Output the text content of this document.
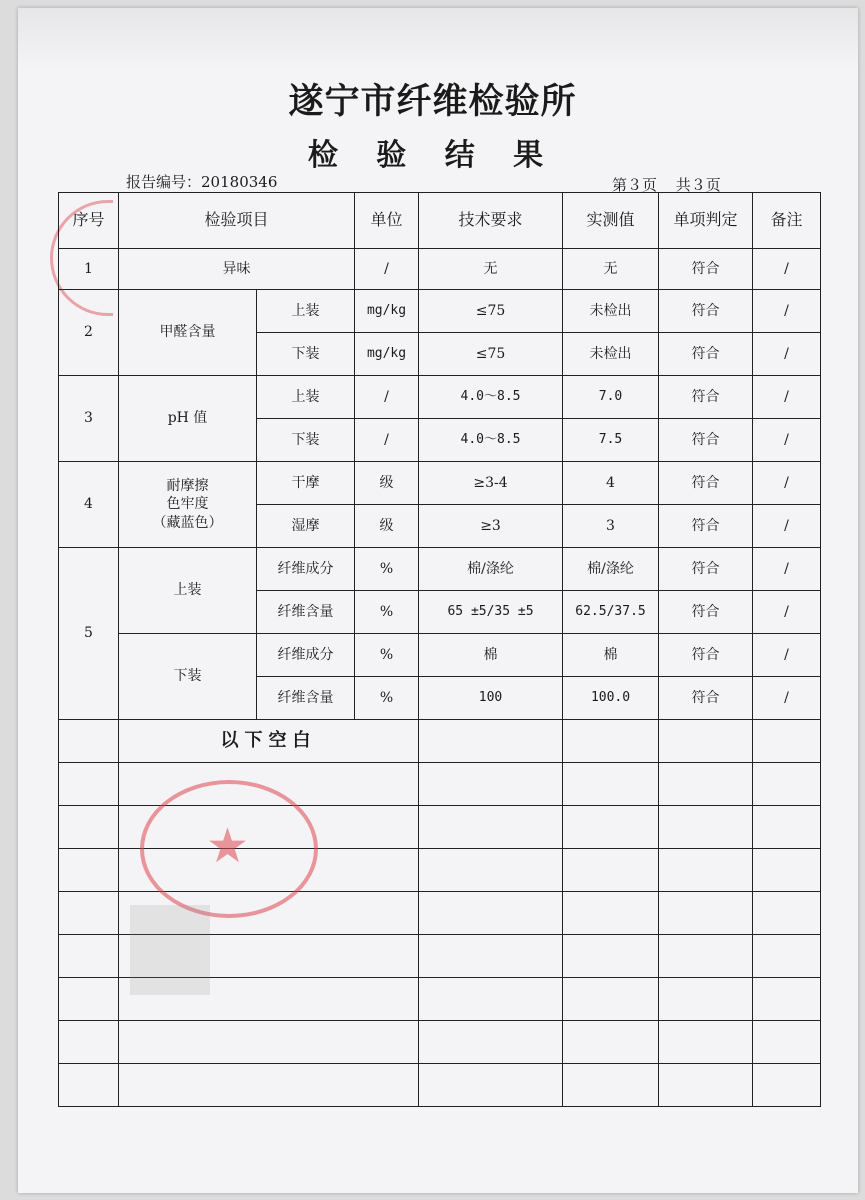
遂宁市纤维检验所
检 验 结 果
报告编号：20180346	第３页 共３页
序号	检验项目		单位	技术要求	实测值	单项判定	备注
1	异味		/	无	无	符合	/
2	甲醛含量	上装	mg/kg	≤75	未检出	符合	/
		下装	mg/kg	≤75	未检出	符合	/
3	pH 值	上装	/	4.0～8.5	7.0	符合	/
		下装	/	4.0～8.5	7.5	符合	/
4	耐摩擦
色牢度
（藏蓝色）	干摩	级	≥3-4	4	符合	/
		湿摩	级	≥3	3	符合	/
5	上装	纤维成分	%	棉/涤纶	棉/涤纶	符合	/
		纤维含量	%	65 ±5/35 ±5	62.5/37.5	符合	/
	下装	纤维成分	%	棉	棉	符合	/
		纤维含量	%	100	100.0	符合	/
	以下空白						

★
